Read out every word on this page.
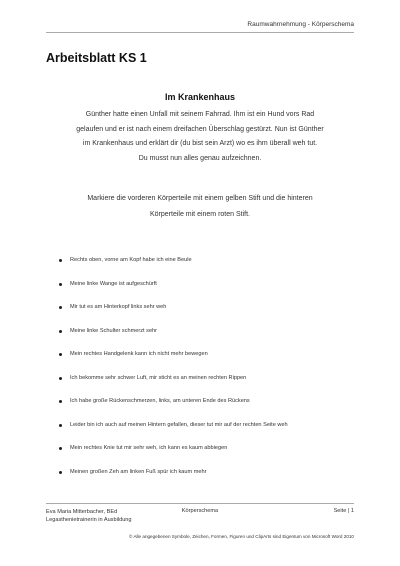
Raumwahrnehmung - Körperschema
Arbeitsblatt KS 1
Im Krankenhaus

Günther hatte einen Unfall mit seinem Fahrrad. Ihm ist ein Hund vors Rad
gelaufen und er ist nach einem dreifachen Überschlag gestürzt. Nun ist Günther
im Krankenhaus und erklärt dir (du bist sein Arzt) wo es ihm überall weh tut.
Du musst nun alles genau aufzeichnen.

Markiere die vorderen Körperteile mit einem gelben Stift und die hinteren
Körperteile mit einem roten Stift.

Rechts oben, vorne am Kopf habe ich eine Beule
Meine linke Wange ist aufgeschürft
Mir tut es am Hinterkopf links sehr weh
Meine linke Schulter schmerzt sehr
Mein rechtes Handgelenk kann ich nicht mehr bewegen
Ich bekomme sehr schwer Luft, mir sticht es an meinen rechten Rippen
Ich habe große Rückenschmerzen, links, am unteren Ende des Rückens
Leider bin ich auch auf meinen Hintern gefallen, dieser tut mir auf der rechten Seite weh
Mein rechtes Knie tut mir sehr weh, ich kann es kaum abbiegen
Meinen großen Zeh am linken Fuß spür ich kaum mehr
Eva Maria Mitterbacher, BEd
Legasthenietrainerin in Ausbildung
Körperschema	Seite | 1
© Alle angegebenen Symbole, Zeichen, Formen, Figuren und ClipArts sind Eigentum von Microsoft Word 2010
